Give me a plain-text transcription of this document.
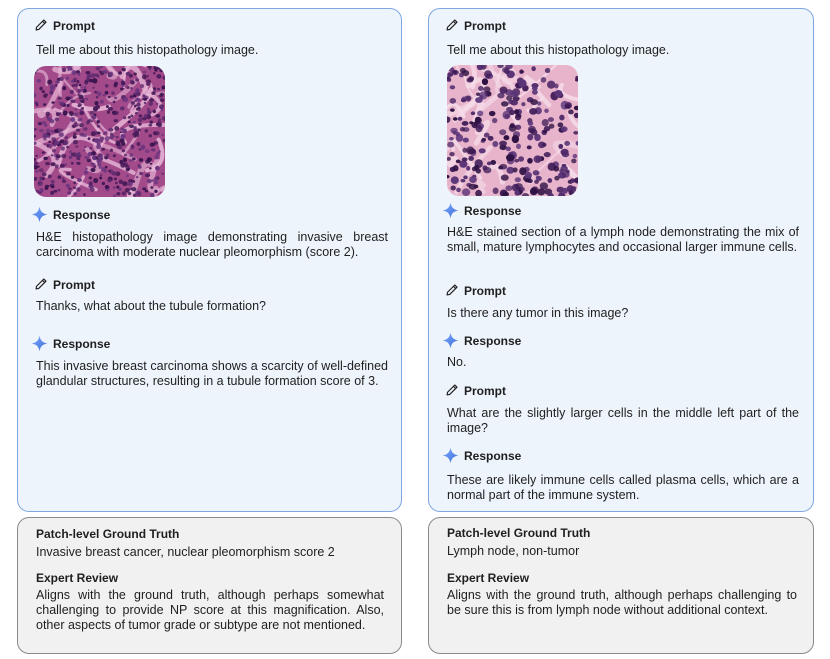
Prompt
Tell me about this histopathology image.
Response
H&E histopathology image demonstrating invasive breast carcinoma with moderate nuclear pleomorphism (score 2).
Prompt
Thanks, what about the tubule formation?
Response
This invasive breast carcinoma shows a scarcity of well-defined glandular structures, resulting in a tubule formation score of 3.
Prompt
Tell me about this histopathology image.
Response
H&E stained section of a lymph node demonstrating the mix of small, mature lymphocytes and occasional larger immune cells.
Prompt
Is there any tumor in this image?
Response
No.
Prompt
What are the slightly larger cells in the middle left part of the image?
Response
These are likely immune cells called plasma cells, which are a normal part of the immune system.
Patch-level Ground Truth
Invasive breast cancer, nuclear pleomorphism score 2
Expert Review
Aligns with the ground truth, although perhaps somewhat challenging to provide NP score at this magnification. Also, other aspects of tumor grade or subtype are not mentioned.
Patch-level Ground Truth
Lymph node, non-tumor
Expert Review
Aligns with the ground truth, although perhaps challenging to be sure this is from lymph node without additional context.
